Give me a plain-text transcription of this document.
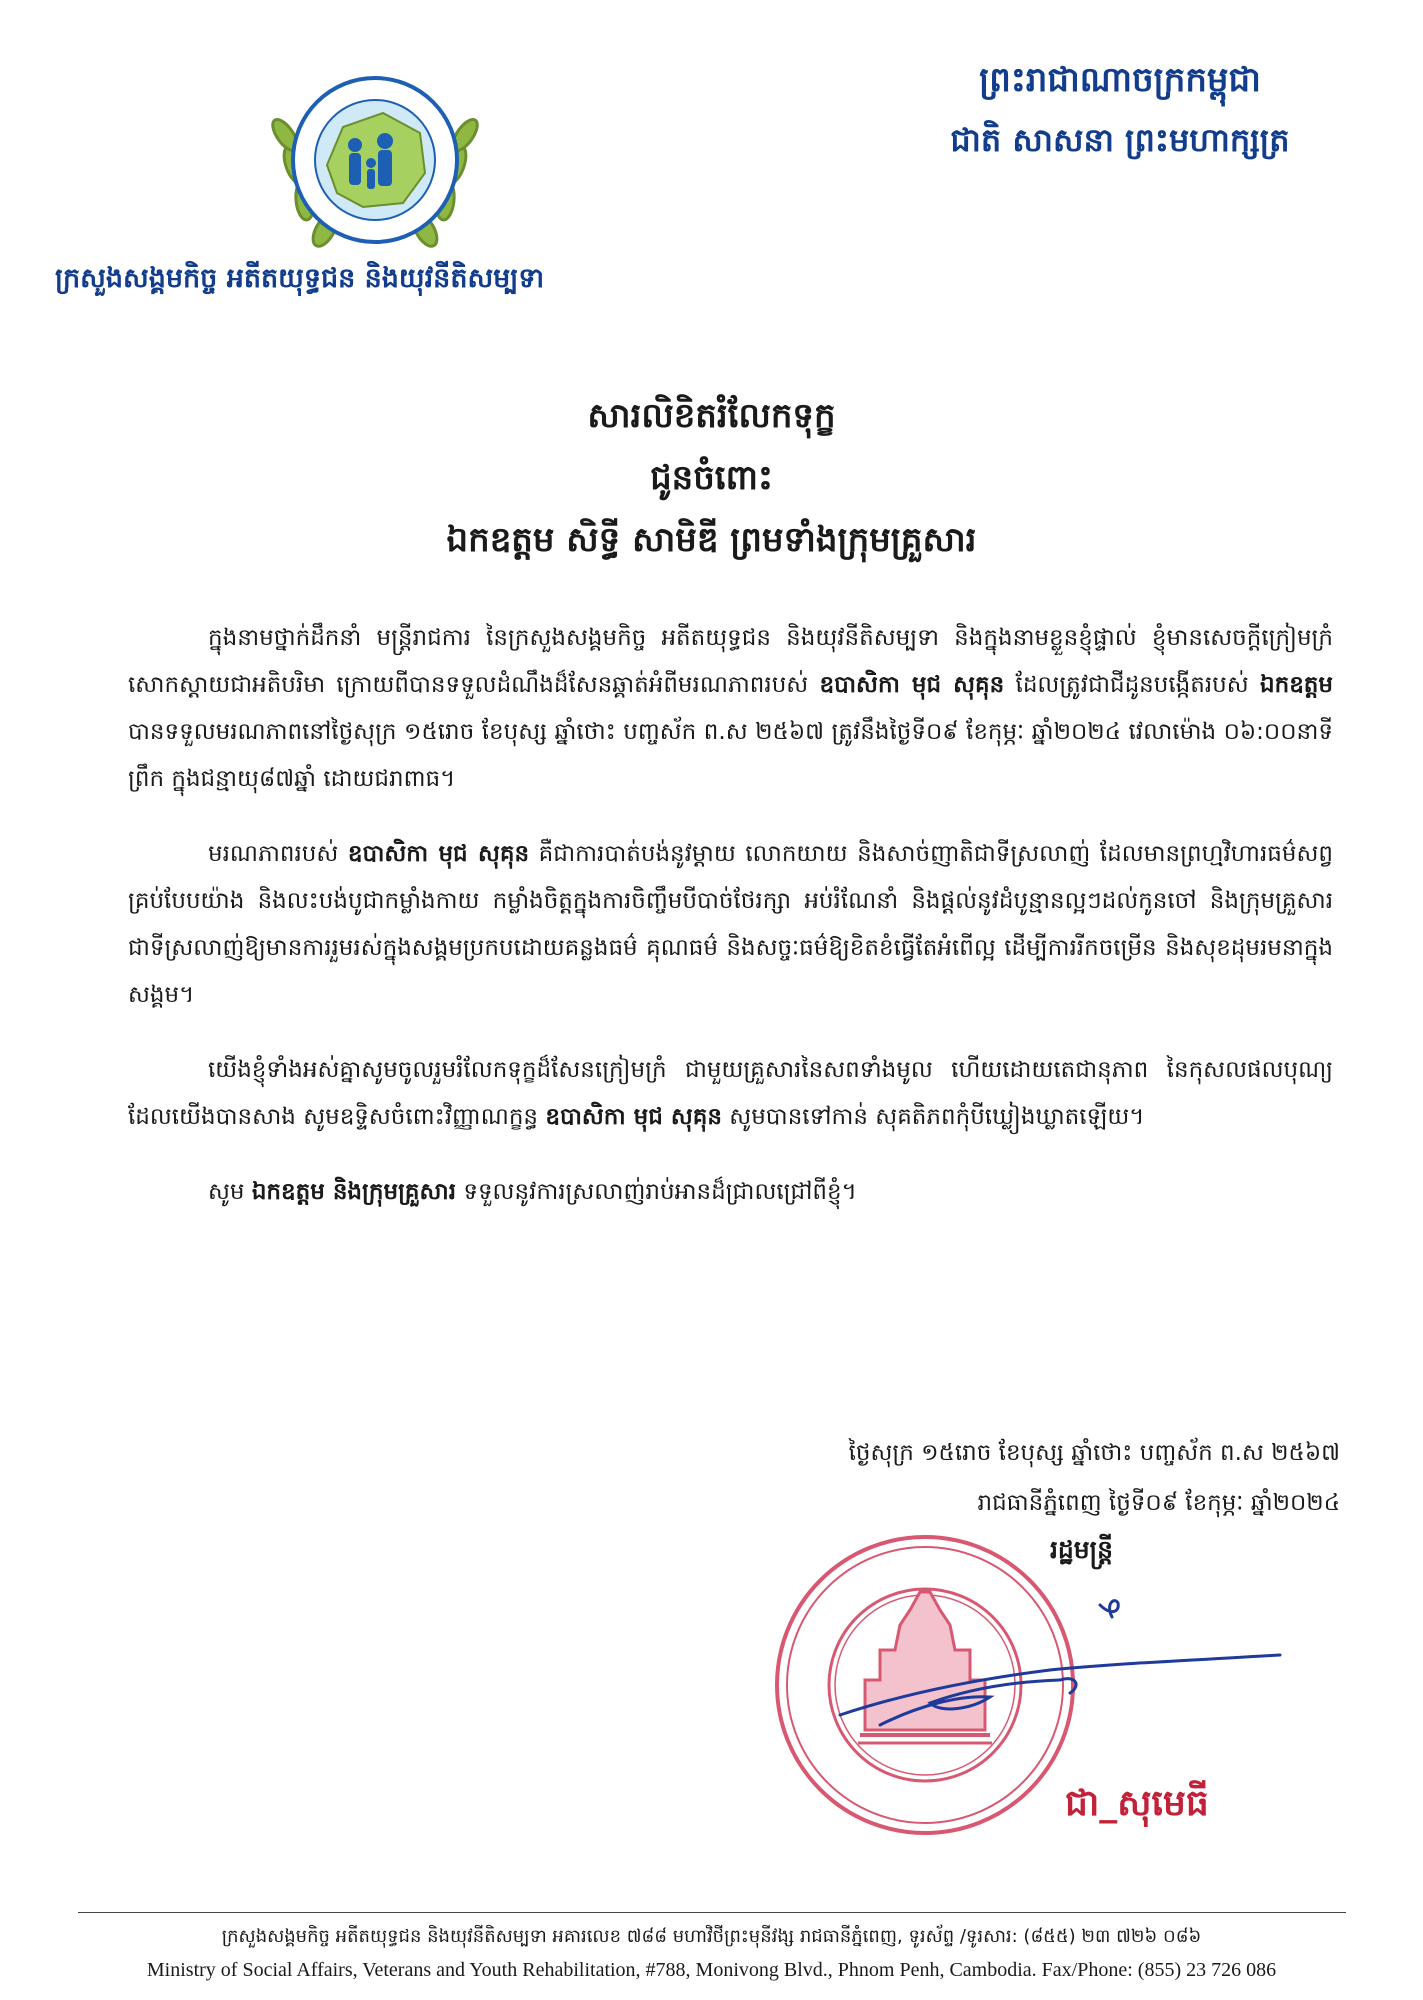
ក្រសួងសង្គមកិច្ច អតីតយុទ្ធជន និងយុវនីតិសម្បទា
ព្រះរាជាណាចក្រកម្ពុជា
ជាតិ សាសនា ព្រះមហាក្សត្រ
សារលិខិតរំលែកទុក្ខ
ជូនចំពោះ
ឯកឧត្តម សិទ្ធី សាមិឌី ព្រមទាំងក្រុមគ្រួសារ

ក្នុងនាមថ្នាក់ដឹកនាំ មន្ត្រីរាជការ នៃក្រសួងសង្គមកិច្ច អតីតយុទ្ធជន និងយុវនីតិសម្បទា និងក្នុងនាមខ្លួនខ្ញុំផ្ទាល់ ខ្ញុំមានសេចក្តីក្រៀមក្រំសោកស្តាយជាអតិបរិមា ក្រោយពីបានទទួលដំណឹងដ៏សែនឆ្គាត់អំពីមរណភាពរបស់ ឧបាសិកា មុជ សុគុន ដែលត្រូវជាជីដូនបង្កើតរបស់ ឯកឧត្តម បានទទួលមរណភាពនៅថ្ងៃសុក្រ ១៥រោច ខែបុស្ស ឆ្នាំថោះ បញ្ចស័ក ព.ស ២៥៦៧ ត្រូវនឹងថ្ងៃទី០៩ ខែកុម្ភៈ ឆ្នាំ២០២៤ វេលាម៉ោង ០៦:០០នាទីព្រឹក ក្នុងជន្មាយុ៨៧ឆ្នាំ ដោយជរាពាធ។

មរណភាពរបស់ ឧបាសិកា មុជ សុគុន គឺជាការបាត់បង់នូវម្តាយ លោកយាយ និងសាច់ញាតិជាទីស្រលាញ់ ដែលមានព្រហ្មវិហារធម៌សព្វគ្រប់បែបយ៉ាង និងលះបង់បូជាកម្លាំងកាយ កម្លាំងចិត្តក្នុងការចិញ្ចឹមបីបាច់ថែរក្សា អប់រំណែនាំ និងផ្តល់នូវដំបូន្មានល្អៗដល់កូនចៅ និងក្រុមគ្រួសារជាទីស្រលាញ់ឱ្យមានការរួមរស់ក្នុងសង្គមប្រកបដោយគន្លងធម៌ គុណធម៌ និងសច្ចៈធម៌ឱ្យខិតខំធ្វើតែអំពើល្អ ដើម្បីការរីកចម្រើន និងសុខដុមរមនាក្នុងសង្គម។

យើងខ្ញុំទាំងអស់គ្នាសូមចូលរួមរំលែកទុក្ខដ៏សែនក្រៀមក្រំ ជាមួយគ្រួសារនៃសពទាំងមូល ហើយដោយតេជានុភាព នៃកុសលផលបុណ្យដែលយើងបានសាង សូមឧទ្ទិសចំពោះវិញ្ញាណក្ខន្ធ ឧបាសិកា មុជ សុគុន សូមបានទៅកាន់ សុគតិភពកុំបីឃ្លៀងឃ្លាតឡើយ។

សូម ឯកឧត្តម និងក្រុមគ្រួសារ ទទួលនូវការស្រលាញ់រាប់អានដ៏ជ្រាលជ្រៅពីខ្ញុំ។

ថ្ងៃសុក្រ ១៥រោច ខែបុស្ស ឆ្នាំថោះ បញ្ចស័ក ព.ស ២៥៦៧
រាជធានីភ្នំពេញ ថ្ងៃទី០៩ ខែកុម្ភៈ ឆ្នាំ២០២៤
រដ្ឋមន្ត្រី
ជា_សុមេធី
ក្រសួងសង្គមកិច្ច អតីតយុទ្ធជន និងយុវនីតិសម្បទា អគារលេខ ៧៨៨ មហាវិថីព្រះមុនីវង្ស រាជធានីភ្នំពេញ, ទូរស័ព្ទ /ទូរសារ: (៨៥៥) ២៣ ៧២៦ ០៨៦
Ministry of Social Affairs, Veterans and Youth Rehabilitation, #788, Monivong Blvd., Phnom Penh, Cambodia. Fax/Phone: (855) 23 726 086
